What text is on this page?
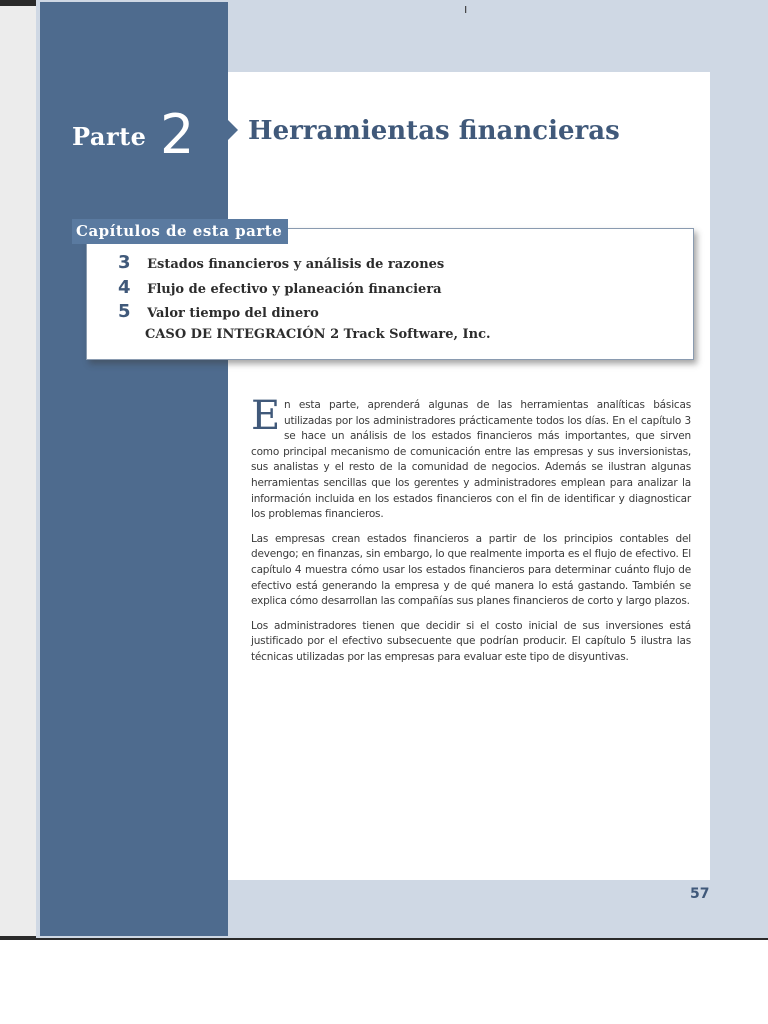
ı
Parte 2 Herramientas financieras
Capítulos de esta parte
3 Estados financieros y análisis de razones
4 Flujo de efectivo y planeación financiera
5 Valor tiempo del dinero
CASO DE INTEGRACIÓN 2 Track Software, Inc.

En esta parte, aprenderá algunas de las herramientas analíticas básicas utilizadas por los administradores prácticamente todos los días. En el capítulo 3 se hace un análisis de los estados financieros más importantes, que sirven como principal mecanismo de comunicación entre las empresas y sus inversionistas, sus analistas y el resto de la comunidad de negocios. Además se ilustran algunas herramientas sencillas que los gerentes y administradores emplean para analizar la información incluida en los estados financieros con el fin de identificar y diagnosticar los problemas financieros.

Las empresas crean estados financieros a partir de los principios contables del devengo; en finanzas, sin embargo, lo que realmente importa es el flujo de efectivo. El capítulo 4 muestra cómo usar los estados financieros para determinar cuánto flujo de efectivo está generando la empresa y de qué manera lo está gastando. También se explica cómo desarrollan las compañías sus planes financieros de corto y largo plazos.

Los administradores tienen que decidir si el costo inicial de sus inversiones está justificado por el efectivo subsecuente que podrían producir. El capítulo 5 ilustra las técnicas utilizadas por las empresas para evaluar este tipo de disyuntivas.

57
